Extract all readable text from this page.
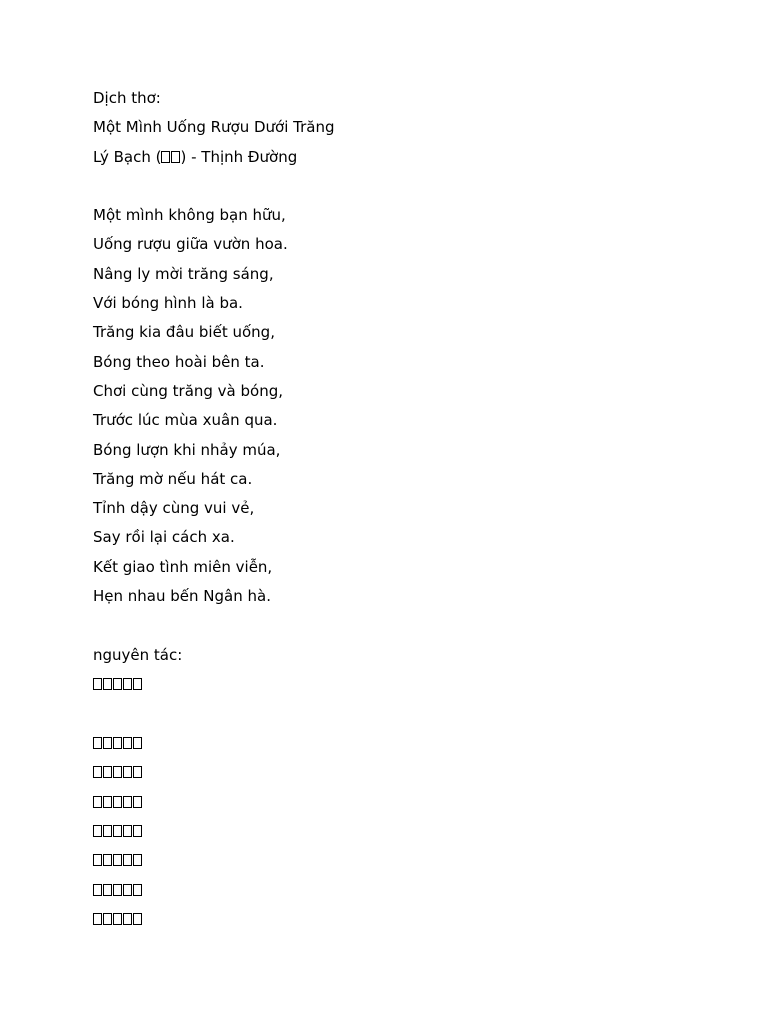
Dịch thơ:
Một Mình Uống Rượu Dưới Trăng
Lý Bạch ( ) - Thịnh Đường
Một mình không bạn hữu,
Uống rượu giữa vườn hoa.
Nâng ly mời trăng sáng,
Với bóng hình là ba.
Trăng kia đâu biết uống,
Bóng theo hoài bên ta.
Chơi cùng trăng và bóng,
Trước lúc mùa xuân qua.
Bóng lượn khi nhảy múa,
Trăng mờ nếu hát ca.
Tỉnh dậy cùng vui vẻ,
Say rồi lại cách xa.
Kết giao tình miên viễn,
Hẹn nhau bến Ngân hà.
nguyên tác:
